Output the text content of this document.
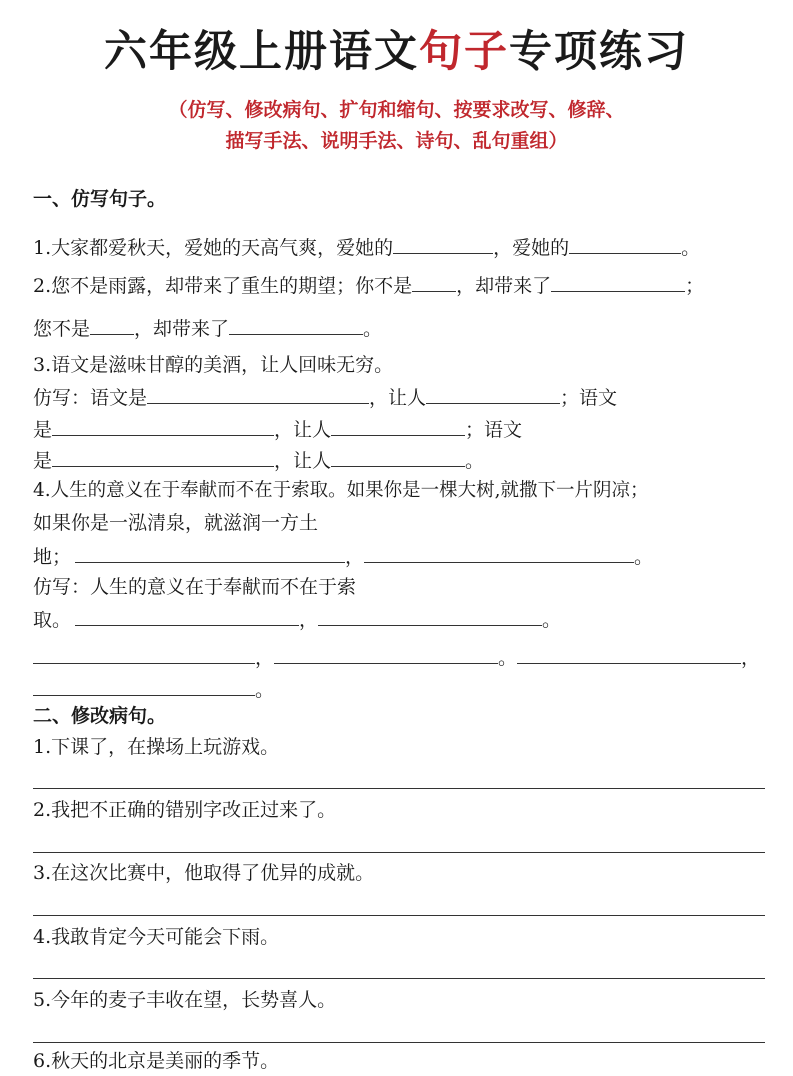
六年级上册语文句子专项练习
（仿写、修改病句、扩句和缩句、按要求改写、修辞、
描写手法、说明手法、诗句、乱句重组）
一、仿写句子。
1.大家都爱秋天，爱她的天高气爽，爱她的	，爱她的	。
2.您不是雨露，却带来了重生的期望；你不是 ，却带来了	；
您不是 ，却带来了	。
3.语文是滋味甘醇的美酒，让人回味无穷。
仿写：语文是	，让人	；语文
是	，让人	；语文
是	，让人	。
4.人生的意义在于奉献而不在于索取。如果你是一棵大树,就撒下一片阴凉；
如果你是一泓清泉，就滋润一方土
地；	，	。
仿写：人生的意义在于奉献而不在于索
取。	，	。
，	。	，
。
二、修改病句。
1.下课了，在操场上玩游戏。
2.我把不正确的错别字改正过来了。
3.在这次比赛中，他取得了优异的成就。
4.我敢肯定今天可能会下雨。
5.今年的麦子丰收在望，长势喜人。
6.秋天的北京是美丽的季节。
